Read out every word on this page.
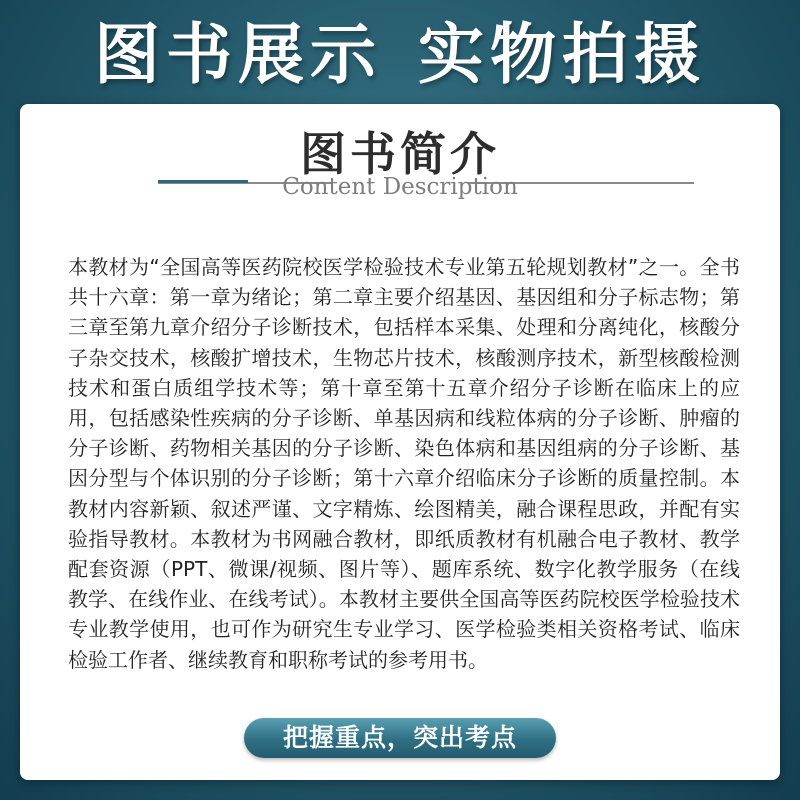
图书展示 实物拍摄
图书简介
Content Description

本教材为“全国高等医药院校医学检验技术专业第五轮规划教材”之一。全书共十六章：第一章为绪论；第二章主要介绍基因、基因组和分子标志物；第三章至第九章介绍分子诊断技术，包括样本采集、处理和分离纯化，核酸分子杂交技术，核酸扩增技术，生物芯片技术，核酸测序技术，新型核酸检测技术和蛋白质组学技术等；第十章至第十五章介绍分子诊断在临床上的应用，包括感染性疾病的分子诊断、单基因病和线粒体病的分子诊断、肿瘤的分子诊断、药物相关基因的分子诊断、染色体病和基因组病的分子诊断、基因分型与个体识别的分子诊断；第十六章介绍临床分子诊断的质量控制。本教材内容新颖、叙述严谨、文字精炼、绘图精美，融合课程思政，并配有实验指导教材。本教材为书网融合教材，即纸质教材有机融合电子教材、教学配套资源（PPT、微课/视频、图片等）、题库系统、数字化教学服务（在线教学、在线作业、在线考试）。本教材主要供全国高等医药院校医学检验技术专业教学使用，也可作为研究生专业学习、医学检验类相关资格考试、临床检验工作者、继续教育和职称考试的参考用书。

把握重点，突出考点
